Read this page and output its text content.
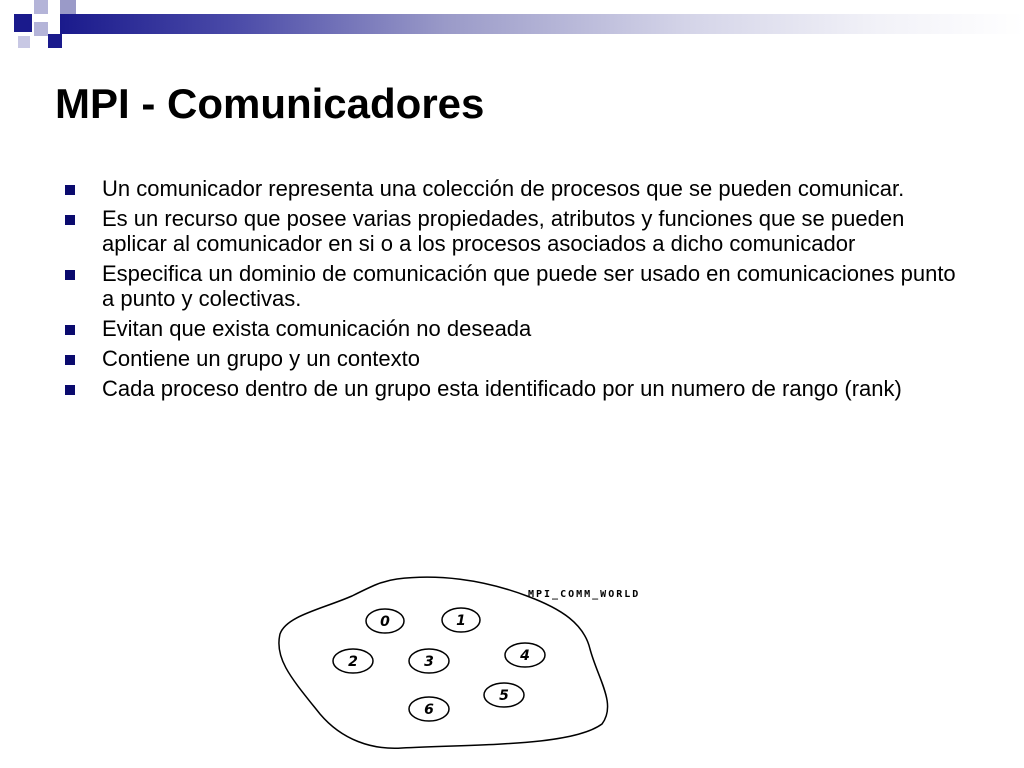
MPI - Comunicadores
Un comunicador representa una colección de procesos que se pueden comunicar.
Es un recurso que posee varias propiedades, atributos y funciones que se pueden aplicar al comunicador en si o a los procesos asociados a dicho comunicador
Especifica un dominio de comunicación que puede ser usado en comunicaciones punto a punto y colectivas.
Evitan que exista comunicación no deseada
Contiene un grupo y un contexto
Cada proceso dentro de un grupo esta identificado por un numero de rango (rank)
MPI_COMM_WORLD
0	1
2	3	4
5
6
